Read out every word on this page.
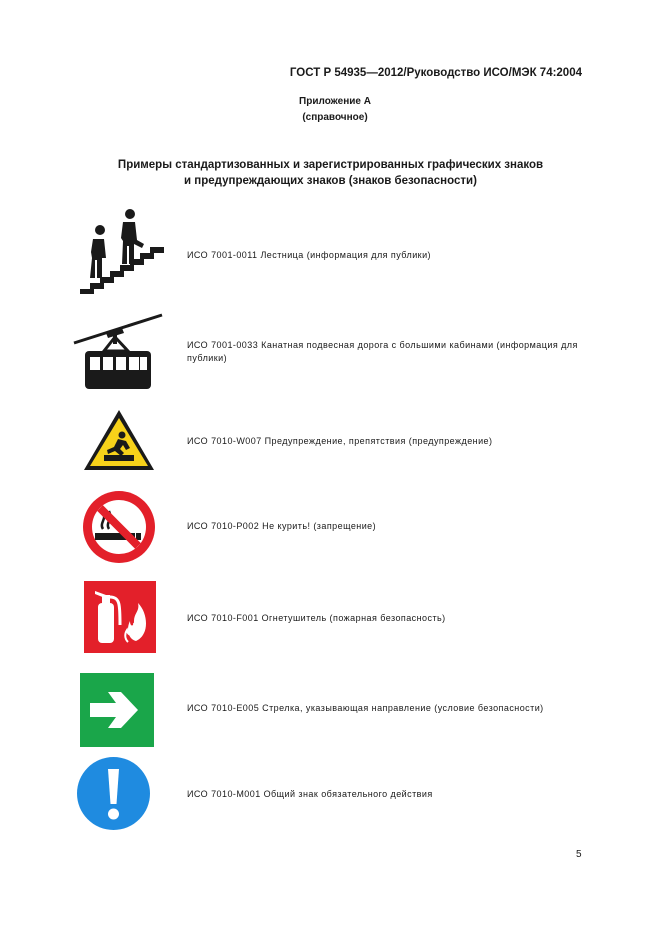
ГОСТ Р 54935—2012/Руководство ИСО/МЭК 74:2004
Приложение А
(справочное)
Примеры стандартизованных и зарегистрированных графических знаков
и предупреждающих знаков (знаков безопасности)
ИСО 7001-0011 Лестница (информация для публики)
ИСО 7001-0033 Канатная подвесная дорога с большими кабинами (информация для публики)
ИСО 7010-W007 Предупреждение, препятствия (предупреждение)
ИСО 7010-P002 Не курить! (запрещение)
ИСО 7010-F001 Огнетушитель (пожарная безопасность)
ИСО 7010-E005 Стрелка, указывающая направление (условие безопасности)
ИСО 7010-M001 Общий знак обязательного действия
5
